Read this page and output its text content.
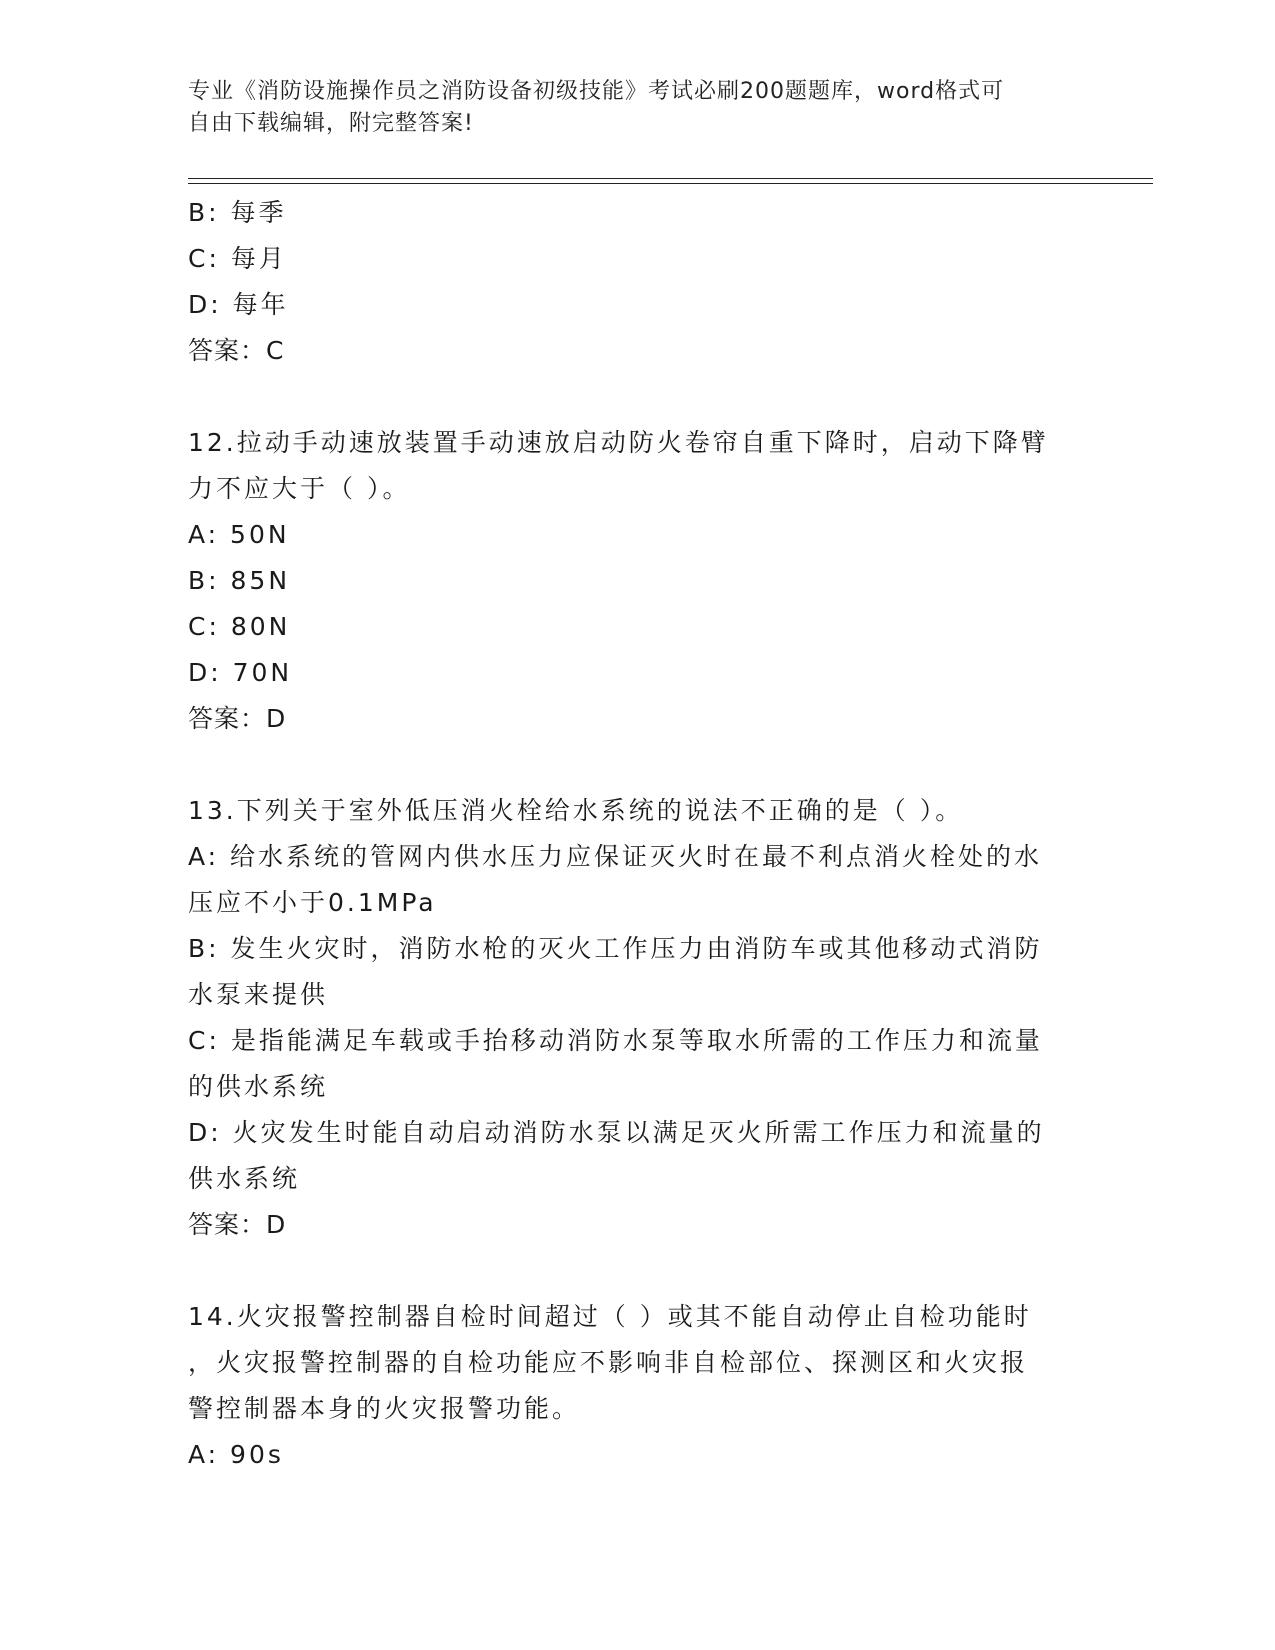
专业《消防设施操作员之消防设备初级技能》考试必刷200题题库，word格式可
自由下载编辑，附完整答案!
B: 每季
C: 每月
D: 每年
答案：C
12.拉动手动速放装置手动速放启动防火卷帘自重下降时，启动下降臂
力不应大于（ ）。
A: 50N
B: 85N
C: 80N
D: 70N
答案：D
13.下列关于室外低压消火栓给水系统的说法不正确的是（ ）。
A: 给水系统的管网内供水压力应保证灭火时在最不利点消火栓处的水
压应不小于0.1MPa
B: 发生火灾时，消防水枪的灭火工作压力由消防车或其他移动式消防
水泵来提供
C: 是指能满足车载或手抬移动消防水泵等取水所需的工作压力和流量
的供水系统
D: 火灾发生时能自动启动消防水泵以满足灭火所需工作压力和流量的
供水系统
答案：D
14.火灾报警控制器自检时间超过（ ）或其不能自动停止自检功能时
，火灾报警控制器的自检功能应不影响非自检部位、探测区和火灾报
警控制器本身的火灾报警功能。
A: 90s
